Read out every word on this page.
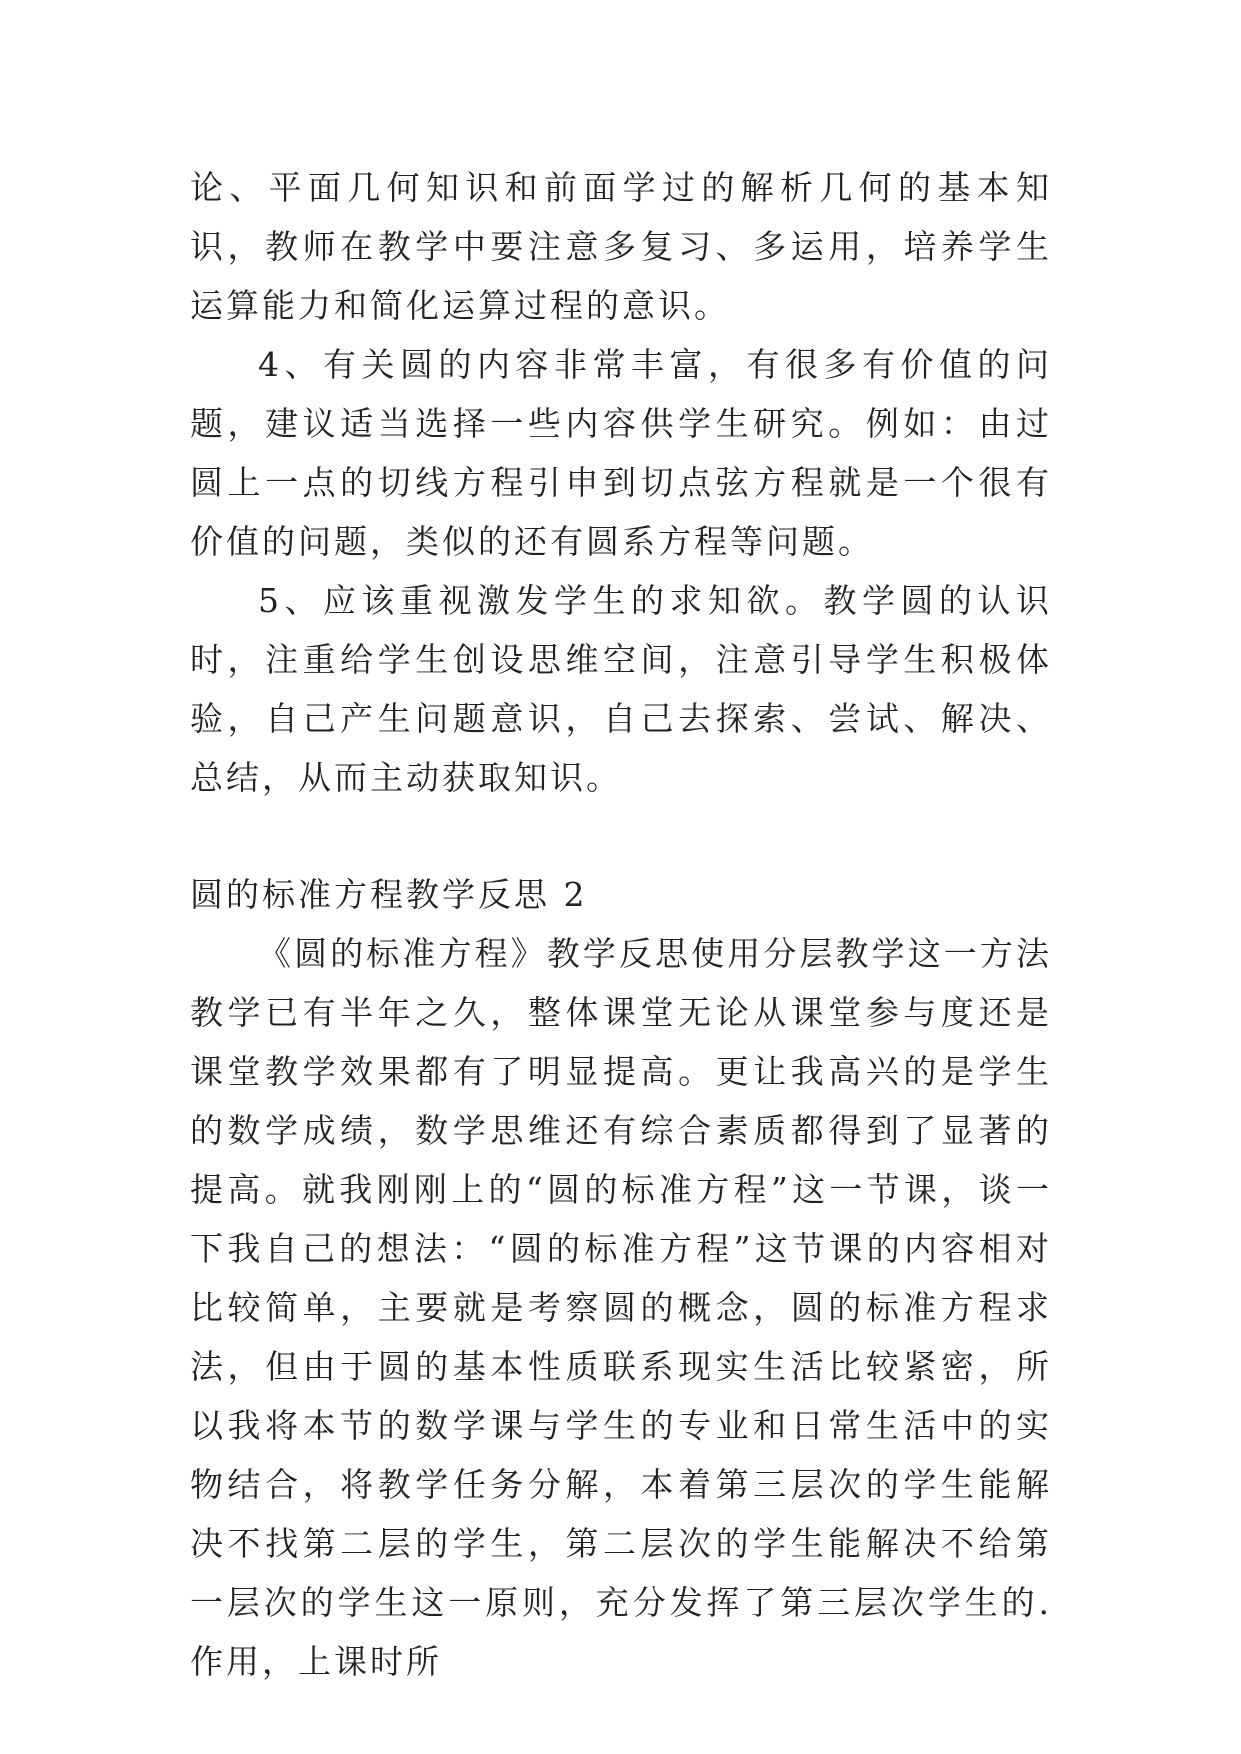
论、平面几何知识和前面学过的解析几何的基本知识，教师在教学中要注意多复习、多运用，培养学生运算能力和简化运算过程的意识。

4、有关圆的内容非常丰富，有很多有价值的问题，建议适当选择一些内容供学生研究。例如：由过圆上一点的切线方程引申到切点弦方程就是一个很有价值的问题，类似的还有圆系方程等问题。

5、应该重视激发学生的求知欲。教学圆的认识时，注重给学生创设思维空间，注意引导学生积极体验，自己产生问题意识，自己去探索、尝试、解决、总结，从而主动获取知识。

圆的标准方程教学反思 2

《圆的标准方程》教学反思使用分层教学这一方法教学已有半年之久，整体课堂无论从课堂参与度还是课堂教学效果都有了明显提高。更让我高兴的是学生的数学成绩，数学思维还有综合素质都得到了显著的提高。就我刚刚上的“圆的标准方程”这一节课，谈一下我自己的想法：“圆的标准方程”这节课的内容相对比较简单，主要就是考察圆的概念，圆的标准方程求法，但由于圆的基本性质联系现实生活比较紧密，所以我将本节的数学课与学生的专业和日常生活中的实物结合，将教学任务分解，本着第三层次的学生能解决不找第二层的学生，第二层次的学生能解决不给第一层次的学生这一原则，充分发挥了第三层次学生的.作用，上课时所
